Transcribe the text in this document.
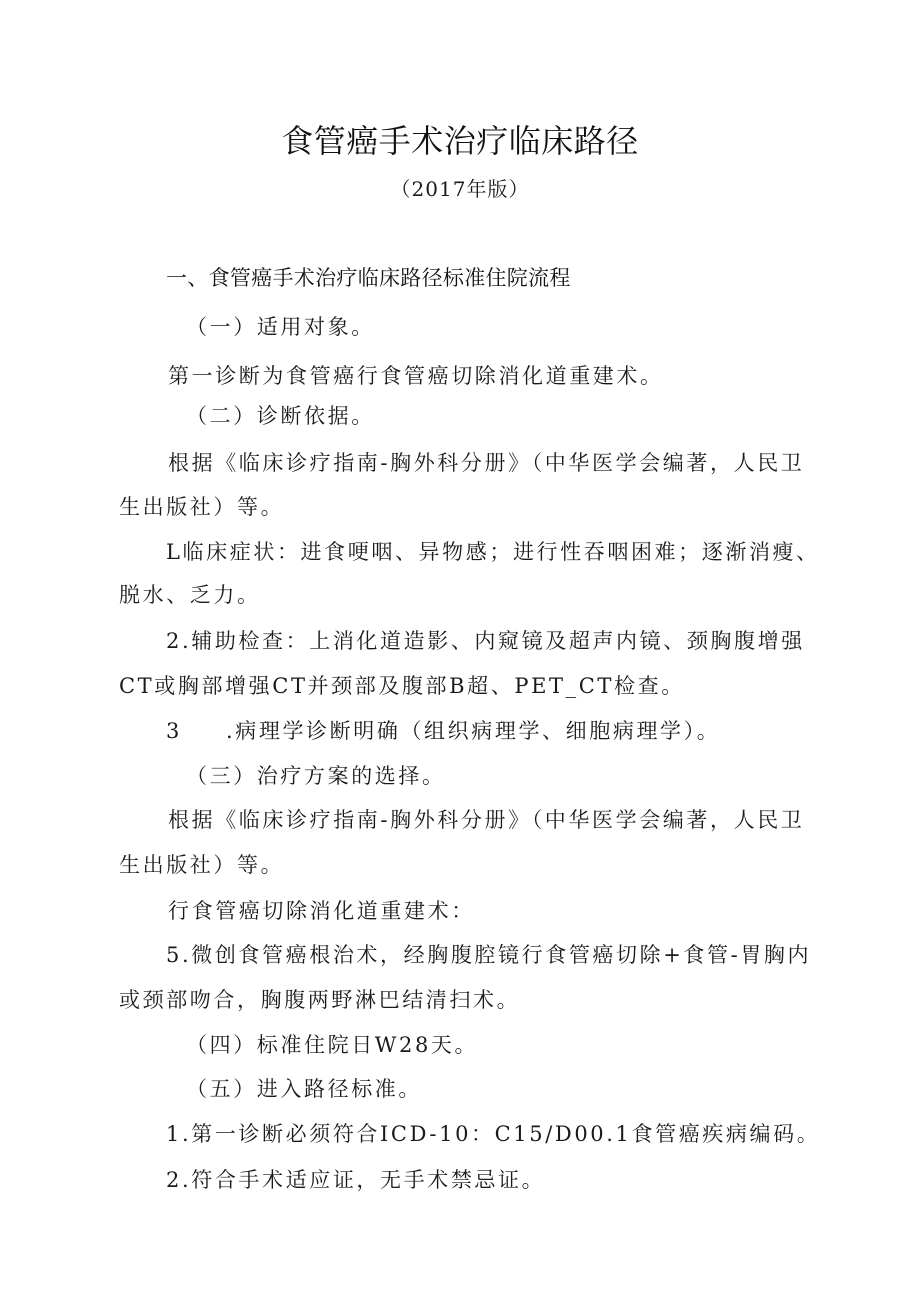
食管癌手术治疗临床路径
（2017年版）
一、食管癌手术治疗临床路径标准住院流程
（一）适用对象。
第一诊断为食管癌行食管癌切除消化道重建术。
（二）诊断依据。
根据《临床诊疗指南-胸外科分册》（中华医学会编著，人民卫
生出版社）等。
L临床症状：进食哽咽、异物感；进行性吞咽困难；逐渐消瘦、
脱水、乏力。
2.辅助检查：上消化道造影、内窥镜及超声内镜、颈胸腹增强
CT或胸部增强CT并颈部及腹部B超、PET_CT检查。
3 .病理学诊断明确（组织病理学、细胞病理学）。
（三）治疗方案的选择。
根据《临床诊疗指南-胸外科分册》（中华医学会编著，人民卫
生出版社）等。
行食管癌切除消化道重建术：
5.微创食管癌根治术，经胸腹腔镜行食管癌切除+食管-胃胸内
或颈部吻合，胸腹两野淋巴结清扫术。
（四）标准住院日W28天。
（五）进入路径标准。
1.第一诊断必须符合ICD-10：C15/D00.1食管癌疾病编码。
2.符合手术适应证，无手术禁忌证。
